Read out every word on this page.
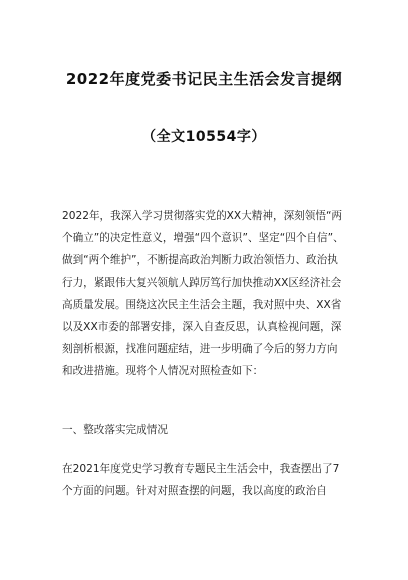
2022年度党委书记民主生活会发言提纲
（全文10554字）

2022年，我深入学习贯彻落实党的XX大精神，深刻领悟“两个确立”的决定性意义，增强“四个意识”、坚定“四个自信”、做到“两个维护”，不断提高政治判断力政治领悟力、政治执行力，紧跟伟大复兴领航人踔厉笃行加快推动XX区经济社会高质量发展。围绕这次民主生活会主题，我对照中央、XX省以及XX市委的部署安排，深入自查反思，认真检视问题，深刻剖析根源，找准问题症结，进一步明确了今后的努力方向和改进措施。现将个人情况对照检查如下：

一、整改落实完成情况

在2021年度党史学习教育专题民主生活会中，我查摆出了7个方面的问题。针对对照查摆的问题，我以高度的政治自
